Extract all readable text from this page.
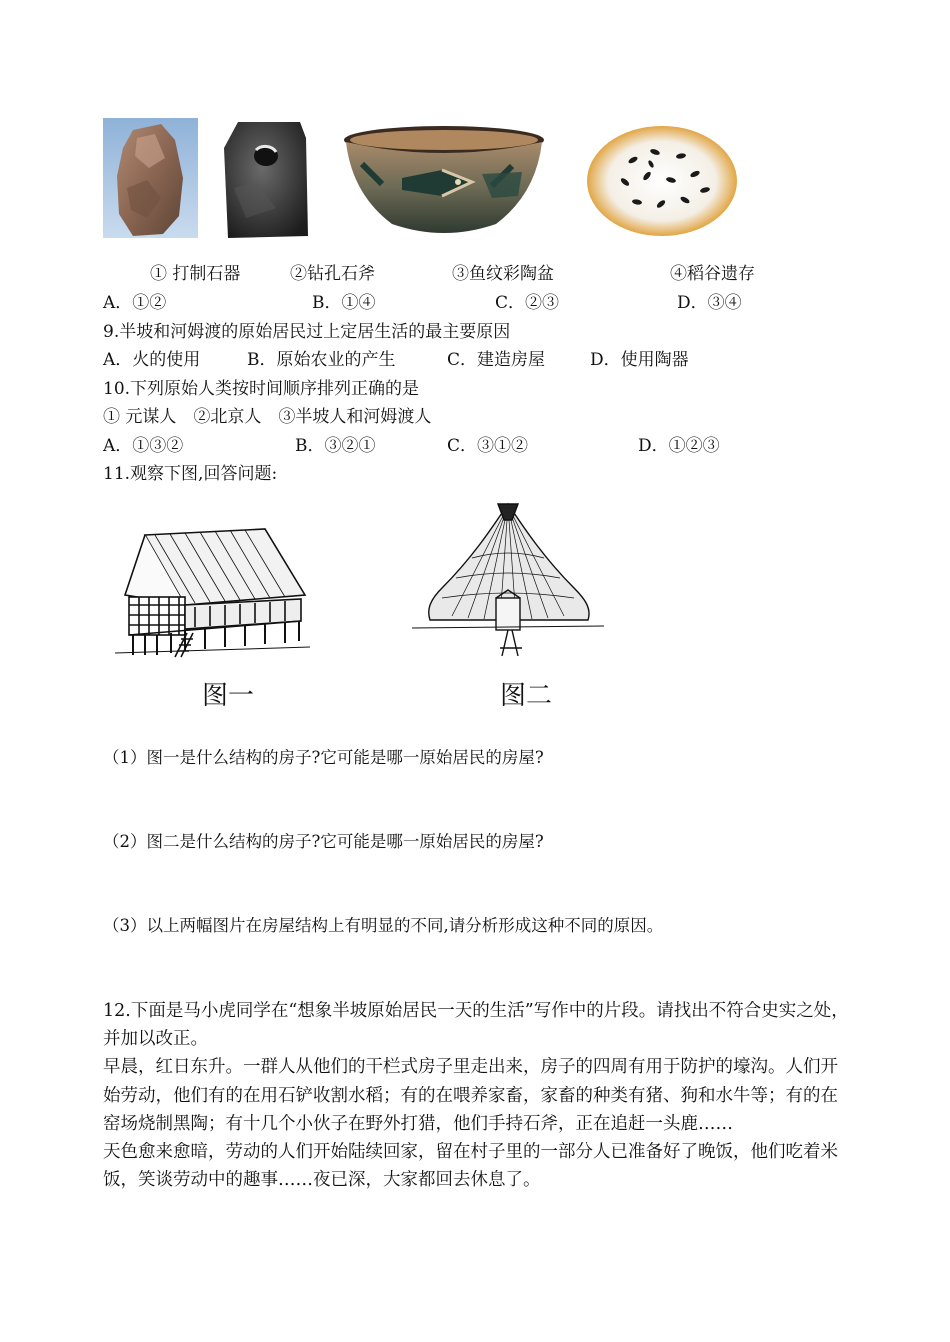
① 打制石器	②钻孔石斧	③鱼纹彩陶盆	④稻谷遗存
A．①②	B．①④	C．②③	D．③④
9.半坡和河姆渡的原始居民过上定居生活的最主要原因
A．火的使用	B．原始农业的产生	C．建造房屋	D．使用陶器
10.下列原始人类按时间顺序排列正确的是
① 元谋人　②北京人　③半坡人和河姆渡人
A．①③②	B．③②①	C．③①②	D．①②③
11.观察下图,回答问题:
图一	图二
（1）图一是什么结构的房子?它可能是哪一原始居民的房屋?
（2）图二是什么结构的房子?它可能是哪一原始居民的房屋?
（3）以上两幅图片在房屋结构上有明显的不同,请分析形成这种不同的原因。

12.下面是马小虎同学在“想象半坡原始居民一天的生活”写作中的片段。请找出不符合史实之处，并加以改正。

早晨，红日东升。一群人从他们的干栏式房子里走出来，房子的四周有用于防护的壕沟。人们开始劳动，他们有的在用石铲收割水稻；有的在喂养家畜，家畜的种类有猪、狗和水牛等；有的在窑场烧制黑陶；有十几个小伙子在野外打猎，他们手持石斧，正在追赶一头鹿……

天色愈来愈暗，劳动的人们开始陆续回家，留在村子里的一部分人已准备好了晚饭，他们吃着米饭，笑谈劳动中的趣事……夜已深，大家都回去休息了。
